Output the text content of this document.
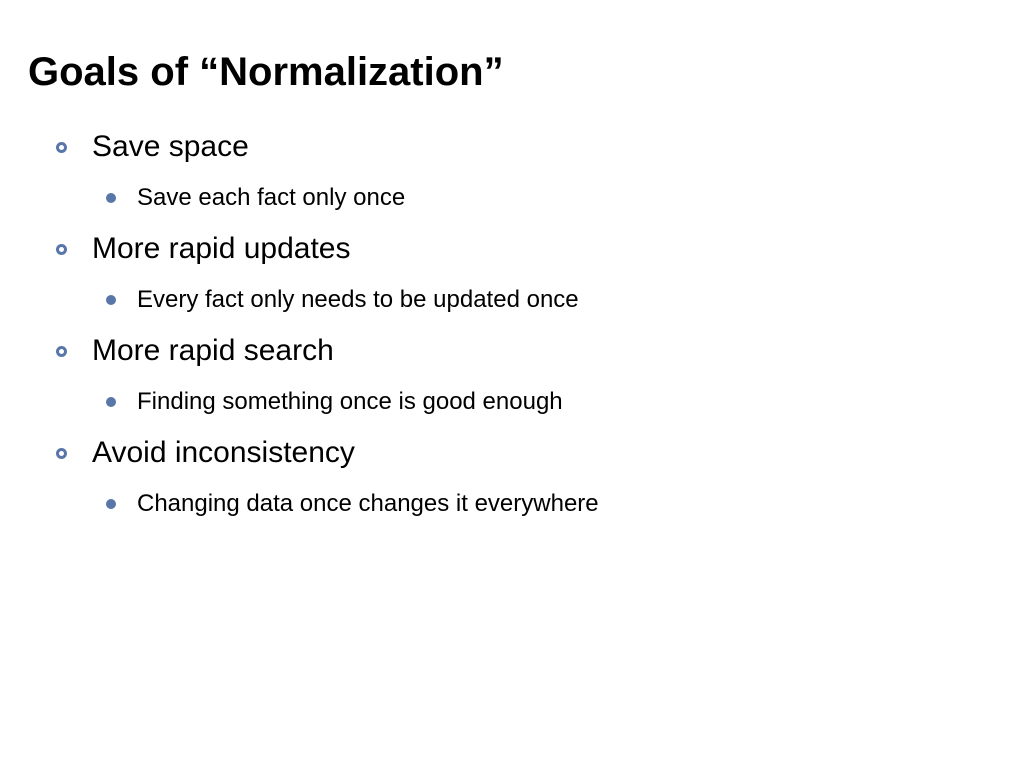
Goals of “Normalization”
Save space
Save each fact only once
More rapid updates
Every fact only needs to be updated once
More rapid search
Finding something once is good enough
Avoid inconsistency
Changing data once changes it everywhere
